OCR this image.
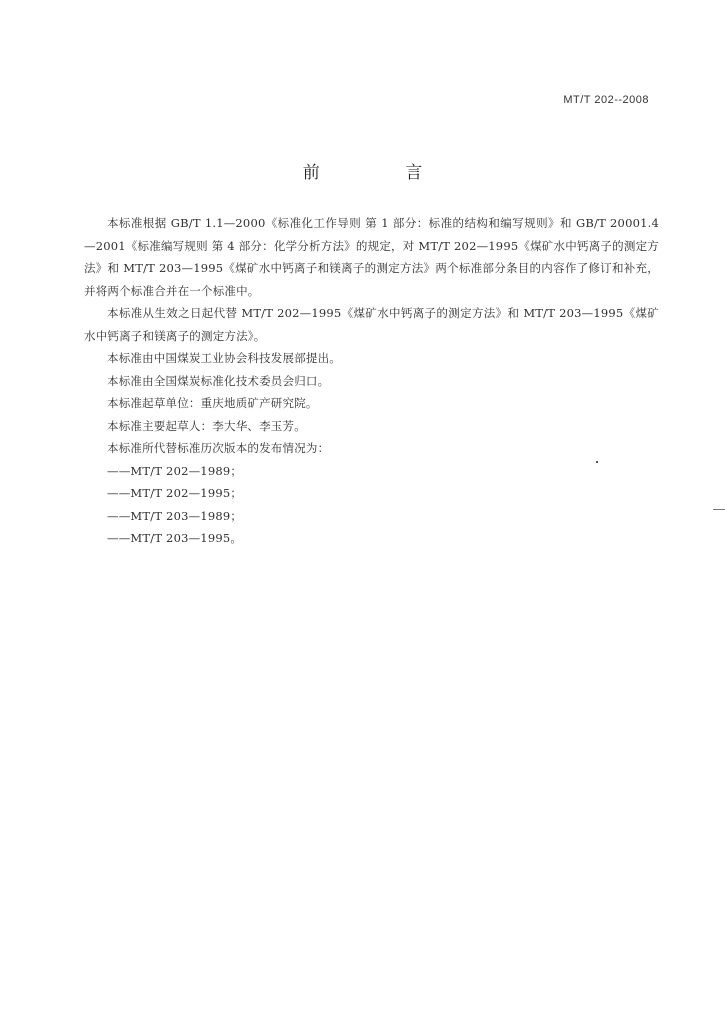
MT/T 202--2008
前 言

本标准根据 GB/T 1.1—2000《标准化工作导则 第 1 部分：标准的结构和编写规则》和 GB/T 20001.4—2001《标准编写规则 第 4 部分：化学分析方法》的规定，对 MT/T 202—1995《煤矿水中钙离子的测定方法》和 MT/T 203—1995《煤矿水中钙离子和镁离子的测定方法》两个标准部分条目的内容作了修订和补充，并将两个标准合并在一个标准中。

本标准从生效之日起代替 MT/T 202—1995《煤矿水中钙离子的测定方法》和 MT/T 203—1995《煤矿水中钙离子和镁离子的测定方法》。

本标准由中国煤炭工业协会科技发展部提出。

本标准由全国煤炭标准化技术委员会归口。

本标准起草单位：重庆地质矿产研究院。

本标准主要起草人：李大华、李玉芳。

本标准所代替标准历次版本的发布情况为：

——MT/T 202—1989；

——MT/T 202—1995；

——MT/T 203—1989；

——MT/T 203—1995。
